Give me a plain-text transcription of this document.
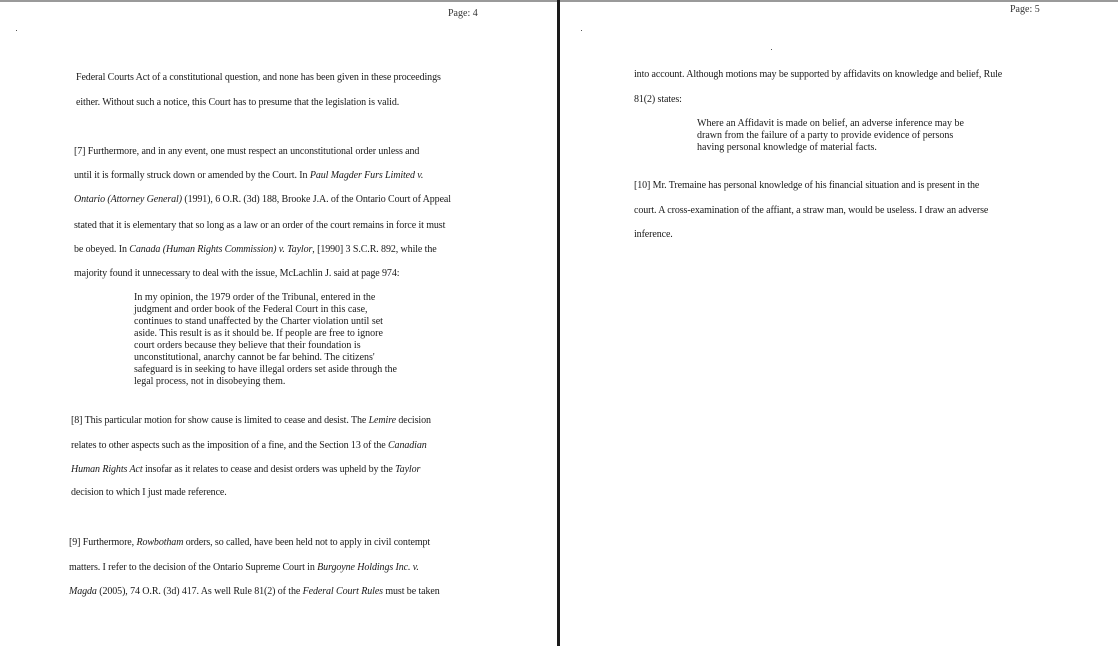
Page: 4
Federal Courts Act of a constitutional question, and none has been given in these proceedings
either. Without such a notice, this Court has to presume that the legislation is valid.
[7] Furthermore, and in any event, one must respect an unconstitutional order unless and
until it is formally struck down or amended by the Court. In Paul Magder Furs Limited v.
Ontario (Attorney General) (1991), 6 O.R. (3d) 188, Brooke J.A. of the Ontario Court of Appeal
stated that it is elementary that so long as a law or an order of the court remains in force it must
be obeyed. In Canada (Human Rights Commission) v. Taylor, [1990] 3 S.C.R. 892, while the
majority found it unnecessary to deal with the issue, McLachlin J. said at page 974:
In my opinion, the 1979 order of the Tribunal, entered in the
judgment and order book of the Federal Court in this case,
continues to stand unaffected by the Charter violation until set
aside. This result is as it should be. If people are free to ignore
court orders because they believe that their foundation is
unconstitutional, anarchy cannot be far behind. The citizens'
safeguard is in seeking to have illegal orders set aside through the
legal process, not in disobeying them.
[8] This particular motion for show cause is limited to cease and desist. The Lemire decision
relates to other aspects such as the imposition of a fine, and the Section 13 of the Canadian
Human Rights Act insofar as it relates to cease and desist orders was upheld by the Taylor
decision to which I just made reference.
[9] Furthermore, Rowbotham orders, so called, have been held not to apply in civil contempt
matters. I refer to the decision of the Ontario Supreme Court in Burgoyne Holdings Inc. v.
Magda (2005), 74 O.R. (3d) 417. As well Rule 81(2) of the Federal Court Rules must be taken
Page: 5
into account. Although motions may be supported by affidavits on knowledge and belief, Rule
81(2) states:
Where an Affidavit is made on belief, an adverse inference may be
drawn from the failure of a party to provide evidence of persons
having personal knowledge of material facts.
[10] Mr. Tremaine has personal knowledge of his financial situation and is present in the
court. A cross-examination of the affiant, a straw man, would be useless. I draw an adverse
inference.
